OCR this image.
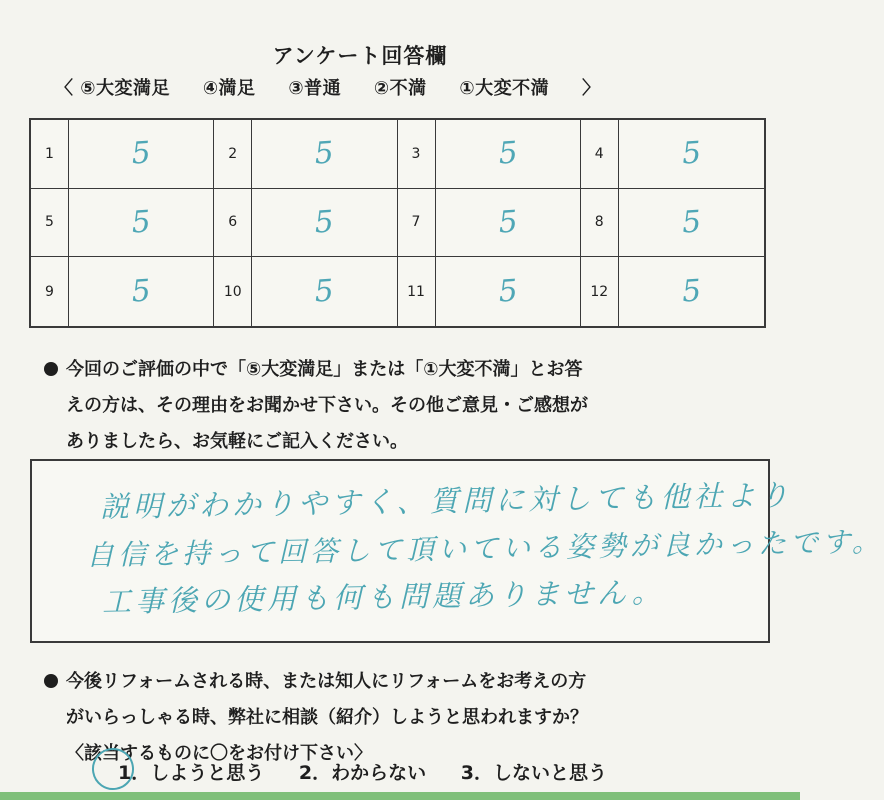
アンケート回答欄
〈 ⑤大変満足 ④満足 ③普通 ②不満 ①大変不満 〉
1	5	2	5	3	5	4	5
5	5	6	5	7	5	8	5
9	5	10	5	11	5	12	5
今回のご評価の中で「⑤大変満足」または「①大変不満」とお答
えの方は、その理由をお聞かせ下さい。その他ご意見・ご感想が
ありましたら、お気軽にご記入ください。
説明がわかりやすく、質問に対しても他社より
自信を持って回答して頂いている姿勢が良かったです。
工事後の使用も何も問題ありません。
今後リフォームされる時、または知人にリフォームをお考えの方
がいらっしゃる時、弊社に相談（紹介）しようと思われますか？
〈該当するものに〇をお付け下さい〉
1．しようと思う 2．わからない 3．しないと思う
